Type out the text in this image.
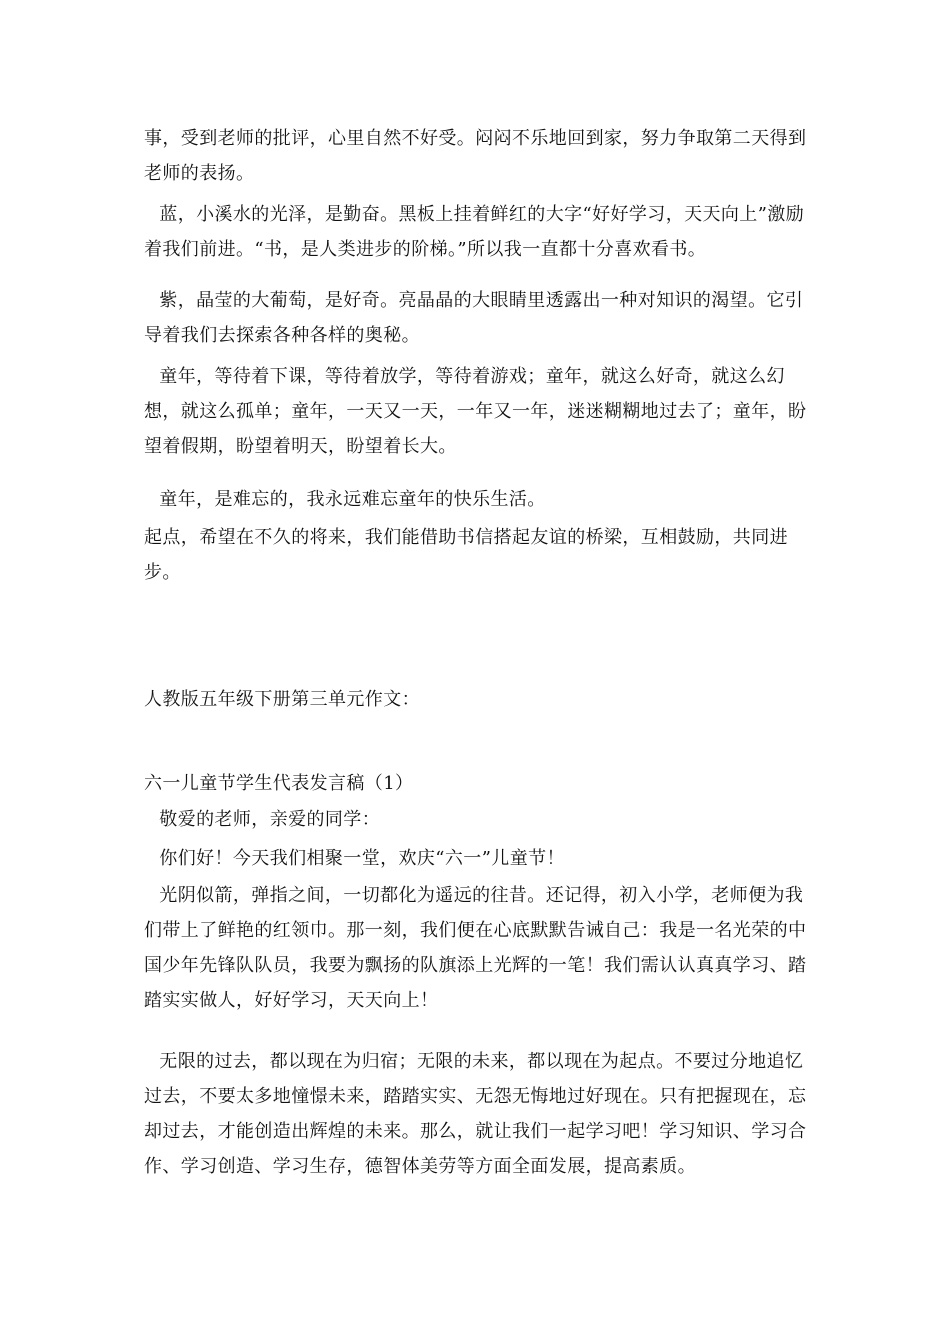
事，受到老师的批评，心里自然不好受。闷闷不乐地回到家，努力争取第二天得到老师的表扬。
蓝，小溪水的光泽，是勤奋。黑板上挂着鲜红的大字“好好学习，天天向上”激励着我们前进。“书，是人类进步的阶梯。”所以我一直都十分喜欢看书。
紫，晶莹的大葡萄，是好奇。亮晶晶的大眼睛里透露出一种对知识的渴望。它引导着我们去探索各种各样的奥秘。
童年，等待着下课，等待着放学，等待着游戏；童年，就这么好奇，就这么幻想，就这么孤单；童年，一天又一天，一年又一年，迷迷糊糊地过去了；童年，盼望着假期，盼望着明天，盼望着长大。
童年，是难忘的，我永远难忘童年的快乐生活。
起点，希望在不久的将来，我们能借助书信搭起友谊的桥梁，互相鼓励，共同进步。
人教版五年级下册第三单元作文：
六一儿童节学生代表发言稿（1）
敬爱的老师，亲爱的同学：
你们好！今天我们相聚一堂，欢庆“六一”儿童节！
光阴似箭，弹指之间，一切都化为遥远的往昔。还记得，初入小学，老师便为我们带上了鲜艳的红领巾。那一刻，我们便在心底默默告诫自己：我是一名光荣的中国少年先锋队队员，我要为飘扬的队旗添上光辉的一笔！我们需认认真真学习、踏踏实实做人，好好学习，天天向上！
无限的过去，都以现在为归宿；无限的未来，都以现在为起点。不要过分地追忆过去，不要太多地憧憬未来，踏踏实实、无怨无悔地过好现在。只有把握现在，忘却过去，才能创造出辉煌的未来。那么，就让我们一起学习吧！学习知识、学习合作、学习创造、学习生存，德智体美劳等方面全面发展，提高素质。
